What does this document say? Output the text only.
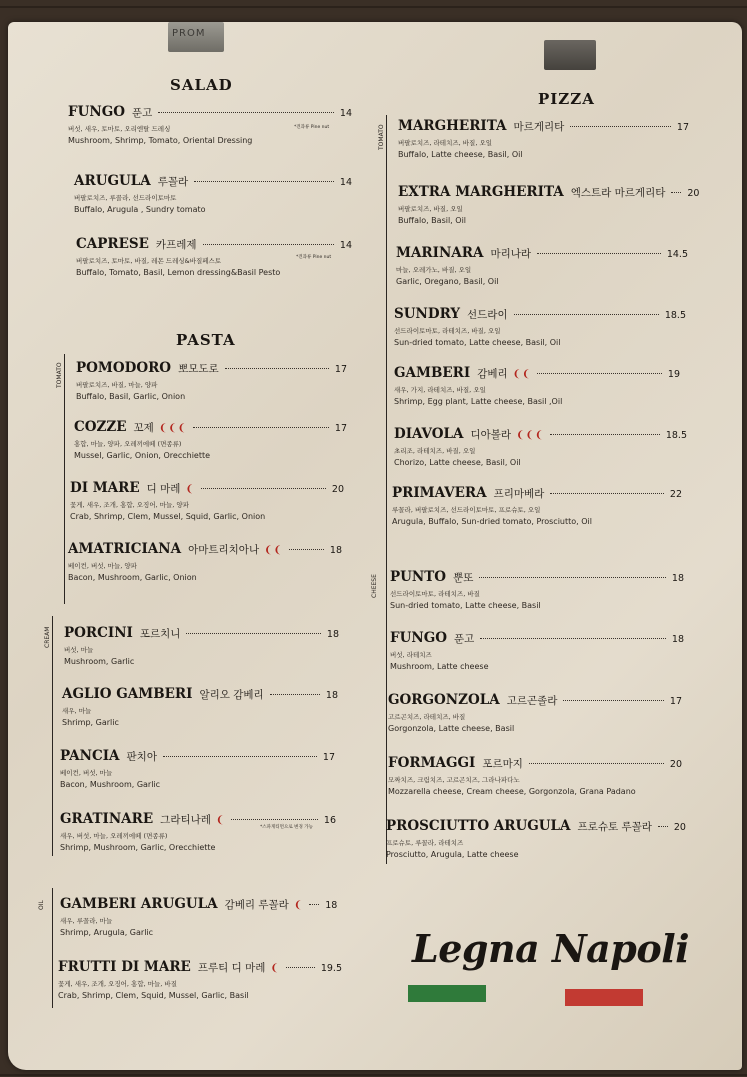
PROM
SALAD
PIZZA
PASTA
TOMATO
CHEESE
TOMATO
CREAM
OIL
FUNGO 푼고	14
버섯, 새우, 토마토, 오리엔탈 드레싱
Mushroom, Shrimp, Tomato, Oriental Dressing
*견과류 Pine nut
ARUGULA 루꼴라	14
버팔로치즈, 루꼴라, 선드라이토마토
Buffalo, Arugula , Sundry tomato
CAPRESE 카프레제	14
버팔로치즈, 토마토, 바질, 레몬 드레싱&바질페스토
Buffalo, Tomato, Basil, Lemon dressing&Basil Pesto
*견과류 Pine nut
POMODORO 뽀모도로	17
버팔로치즈, 바질, 마늘, 양파
Buffalo, Basil, Garlic, Onion
COZZE 꼬제 ❨❨❨	17
홍합, 마늘, 양파, 오레끼에떼 (면종류)
Mussel, Garlic, Onion, Orecchiette
DI MARE 디 마레 ❨	20
꽃게, 새우, 조개, 홍합, 오징어, 마늘, 양파
Crab, Shrimp, Clem, Mussel, Squid, Garlic, Onion
AMATRICIANA 아마트리치아나 ❨❨	18
베이컨, 버섯, 마늘, 양파
Bacon, Mushroom, Garlic, Onion
PORCINI 포르치니	18
버섯, 마늘
Mushroom, Garlic
AGLIO GAMBERI 알리오 감베리	18
새우, 마늘
Shrimp, Garlic
PANCIA 판치아	17
베이컨, 버섯, 마늘
Bacon, Mushroom, Garlic
GRATINARE 그라티나레 ❨	16
새우, 버섯, 마늘, 오레끼에떼 (면종류)
Shrimp, Mushroom, Garlic, Orecchiette
*스파게티면으로 변경 가능
GAMBERI ARUGULA 감베리 루꼴라 ❨ 18
새우, 루꼴라, 마늘
Shrimp, Arugula, Garlic
FRUTTI DI MARE 프루티 디 마레 ❨	19.5
꽃게, 새우, 조개, 오징어, 홍합, 마늘, 바질
Crab, Shrimp, Clem, Squid, Mussel, Garlic, Basil
MARGHERITA 마르게리타	17
버팔로치즈, 라테치즈, 바질, 오일
Buffalo, Latte cheese, Basil, Oil
EXTRA MARGHERITA 엑스트라 마르게리타 20
버팔로치즈, 바질, 오일
Buffalo, Basil, Oil
MARINARA 마리나라	14.5
마늘, 오레가노, 바질, 오일
Garlic, Oregano, Basil, Oil
SUNDRY 선드라이	18.5
선드라이토마토, 라테치즈, 바질, 오일
Sun-dried tomato, Latte cheese, Basil, Oil
GAMBERI 감베리 ❨❨	19
새우, 가지, 라테치즈, 바질, 오일
Shrimp, Egg plant, Latte cheese, Basil ,Oil
DIAVOLA 디아볼라 ❨❨❨	18.5
초리조, 라테치즈, 바질, 오일
Chorizo, Latte cheese, Basil, Oil
PRIMAVERA 프리마베라	22
루꼴라, 버팔로치즈, 선드라이토마토, 프로슈토, 오일
Arugula, Buffalo, Sun-dried tomato, Prosciutto, Oil
PUNTO 뿐또	18
선드라이토마토, 라테치즈, 바질
Sun-dried tomato, Latte cheese, Basil
FUNGO 푼고	18
버섯, 라테치즈
Mushroom, Latte cheese
GORGONZOLA 고르곤졸라	17
고르곤치즈, 라테치즈, 바질
Gorgonzola, Latte cheese, Basil
FORMAGGI 포르마지	20
모짜치즈, 크림치즈, 고르곤치즈, 그라나파다노
Mozzarella cheese, Cream cheese, Gorgonzola, Grana Padano
PROSCIUTTO ARUGULA 프로슈토 루꼴라 20
프로슈토, 루꼴라, 라테치즈
Prosciutto, Arugula, Latte cheese
Legna Napoli
